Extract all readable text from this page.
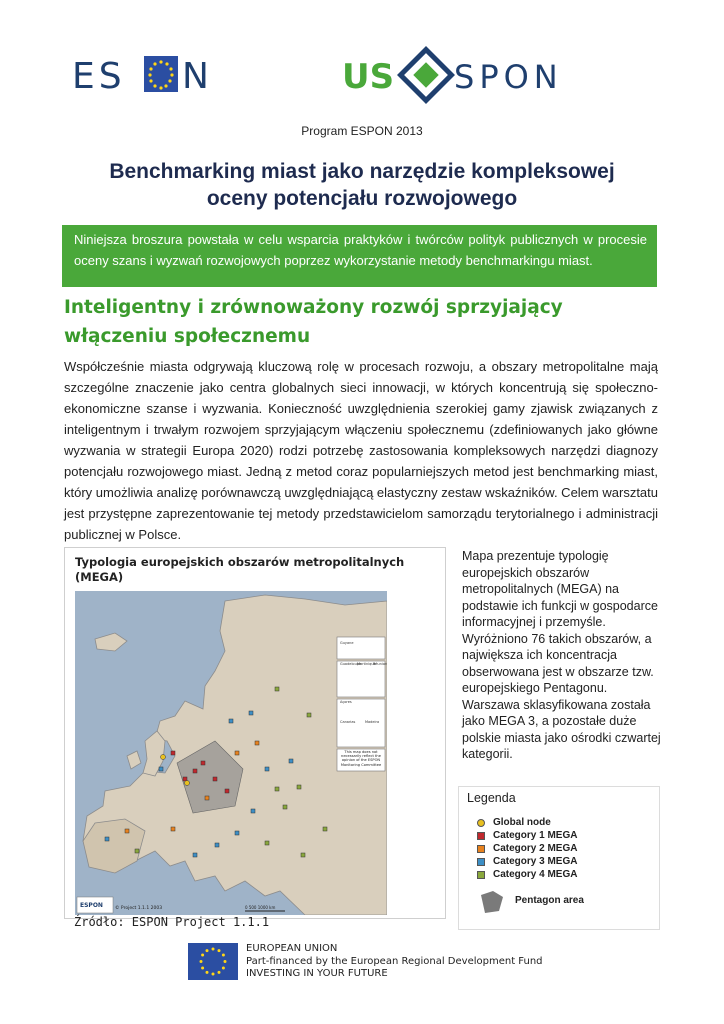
ES N	US SPON
Program ESPON 2013
Benchmarking miast jako narzędzie kompleksowej
oceny potencjału rozwojowego
Niniejsza broszura powstała w celu wsparcia praktyków i twórców polityk publicznych w procesie oceny szans i wyzwań rozwojowych poprzez wykorzystanie metody benchmarkingu miast.
Inteligentny i zrównoważony rozwój sprzyjający włączeniu społecznemu
Współcześnie miasta odgrywają kluczową rolę w procesach rozwoju, a obszary metropolitalne mają szczególne znaczenie jako centra globalnych sieci innowacji, w których koncentrują się społeczno-ekonomiczne szanse i wyzwania. Konieczność uwzględnienia szerokiej gamy zjawisk związanych z inteligentnym i trwałym rozwojem sprzyjającym włączeniu społecznemu (zdefiniowanych jako główne wyzwania w strategii Europa 2020) rodzi potrzebę zastosowania kompleksowych narzędzi diagnozy potencjału rozwojowego miast. Jedną z metod coraz popularniejszych metod jest benchmarking miast, który umożliwia analizę porównawczą uwzględniającą elastyczny zestaw wskaźników. Celem warsztatu jest przystępne zaprezentowanie tej metody przedstawicielom samorządu terytorialnego i administracji publicznej w Polsce.
Typologia europejskich obszarów metropolitalnych (MEGA)
Guyane
Guadeloupe
Martinique
Réunion
Açores
Canarias	Madeira
This map does not necessarily reflect the opinion of the ESPON Monitoring Committee
ESPON	© Project 1.1.1 2003	0 500 1000 km
Źródło: ESPON Project 1.1.1
Mapa prezentuje typologię europejskich obszarów metropolitalnych (MEGA) na podstawie ich funkcji w gospodarce informacyjnej i przemyśle. Wyróżniono 76 takich obszarów, a największa ich koncentracja obserwowana jest w obszarze tzw. europejskiego Pentagonu. Warszawa sklasyfikowana została jako MEGA 3, a pozostałe duże polskie miasta jako ośrodki czwartej kategorii.
Legenda
Global node
Category 1 MEGA
Category 2 MEGA
Category 3 MEGA
Category 4 MEGA
Pentagon area
EUROPEAN UNION
Part-financed by the European Regional Development Fund
INVESTING IN YOUR FUTURE
